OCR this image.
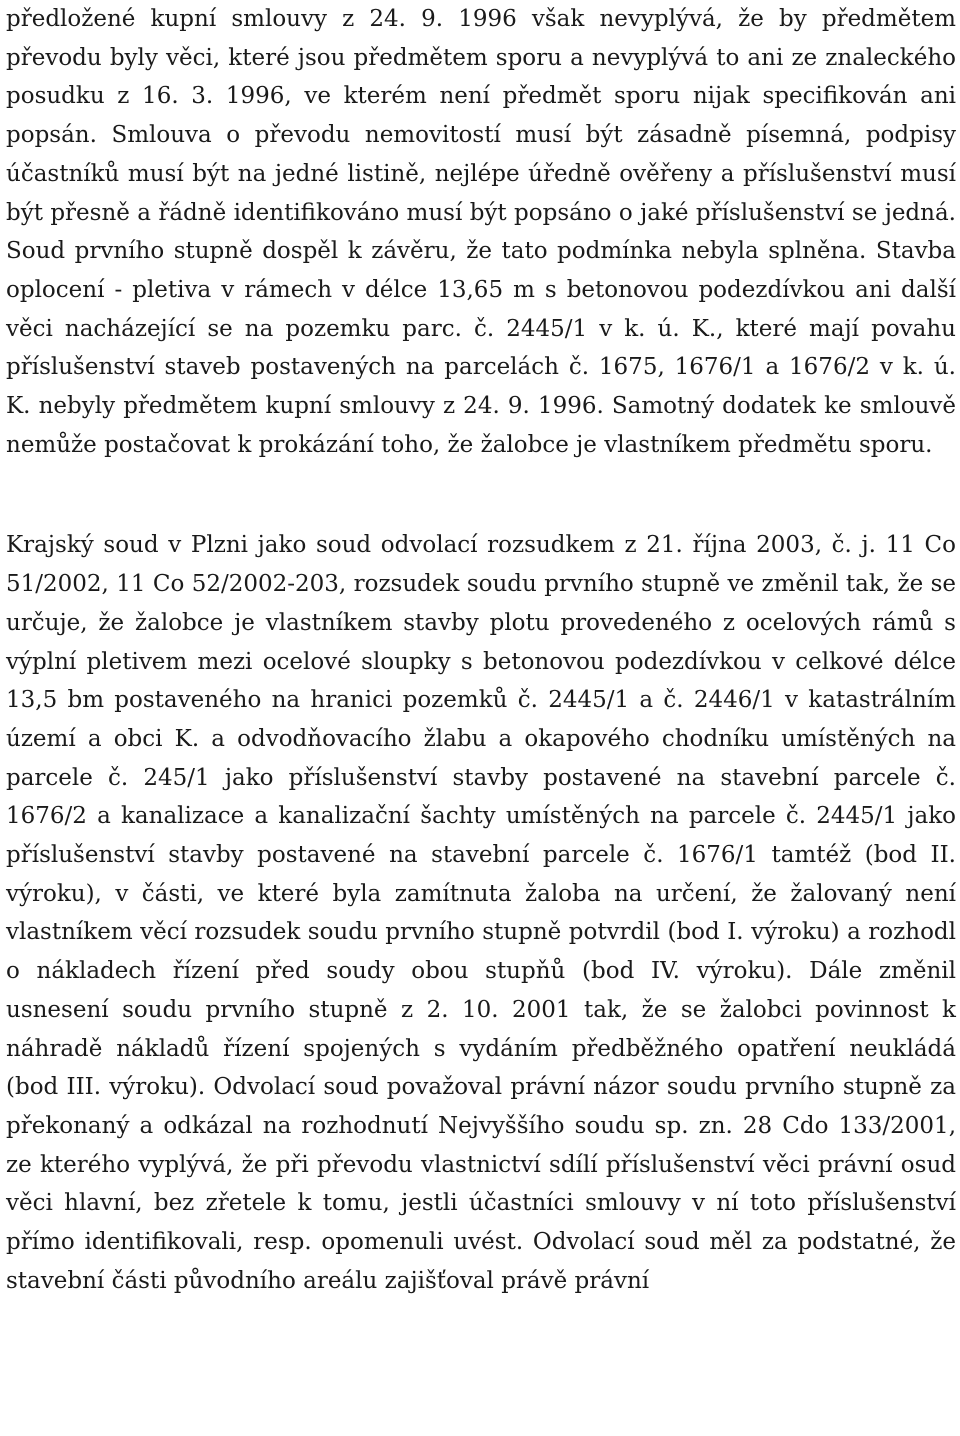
předložené kupní smlouvy z 24. 9. 1996 však nevyplývá, že by předmětem převodu byly věci, které jsou předmětem sporu a nevyplývá to ani ze znaleckého posudku z 16. 3. 1996, ve kterém není předmět sporu nijak specifikován ani popsán. Smlouva o převodu nemovitostí musí být zásadně písemná, podpisy účastníků musí být na jedné listině, nejlépe úředně ověřeny a příslušenství musí být přesně a řádně identifikováno musí být popsáno o jaké příslušenství se jedná. Soud prvního stupně dospěl k závěru, že tato podmínka nebyla splněna. Stavba oplocení - pletiva v rámech v délce 13,65 m s betonovou podezdívkou ani další věci nacházející se na pozemku parc. č. 2445/1 v k. ú. K., které mají povahu příslušenství staveb postavených na parcelách č. 1675, 1676/1 a 1676/2 v k. ú. K. nebyly předmětem kupní smlouvy z 24. 9. 1996. Samotný dodatek ke smlouvě nemůže postačovat k prokázání toho, že žalobce je vlastníkem předmětu sporu.

Krajský soud v Plzni jako soud odvolací rozsudkem z 21. října 2003, č. j. 11 Co 51/2002, 11 Co 52/2002-203, rozsudek soudu prvního stupně ve změnil tak, že se určuje, že žalobce je vlastníkem stavby plotu provedeného z ocelových rámů s výplní pletivem mezi ocelové sloupky s betonovou podezdívkou v celkové délce 13,5 bm postaveného na hranici pozemků č. 2445/1 a č. 2446/1 v katastrálním území a obci K. a odvodňovacího žlabu a okapového chodníku umístěných na parcele č. 245/1 jako příslušenství stavby postavené na stavební parcele č. 1676/2 a kanalizace a kanalizační šachty umístěných na parcele č. 2445/1 jako příslušenství stavby postavené na stavební parcele č. 1676/1 tamtéž (bod II. výroku), v části, ve které byla zamítnuta žaloba na určení, že žalovaný není vlastníkem věcí rozsudek soudu prvního stupně potvrdil (bod I. výroku) a rozhodl o nákladech řízení před soudy obou stupňů (bod IV. výroku). Dále změnil usnesení soudu prvního stupně z 2. 10. 2001 tak, že se žalobci povinnost k náhradě nákladů řízení spojených s vydáním předběžného opatření neukládá (bod III. výroku). Odvolací soud považoval právní názor soudu prvního stupně za překonaný a odkázal na rozhodnutí Nejvyššího soudu sp. zn. 28 Cdo 133/2001, ze kterého vyplývá, že při převodu vlastnictví sdílí příslušenství věci právní osud věci hlavní, bez zřetele k tomu, jestli účastníci smlouvy v ní toto příslušenství přímo identifikovali, resp. opomenuli uvést. Odvolací soud měl za podstatné, že stavební části původního areálu zajišťoval právě právní
